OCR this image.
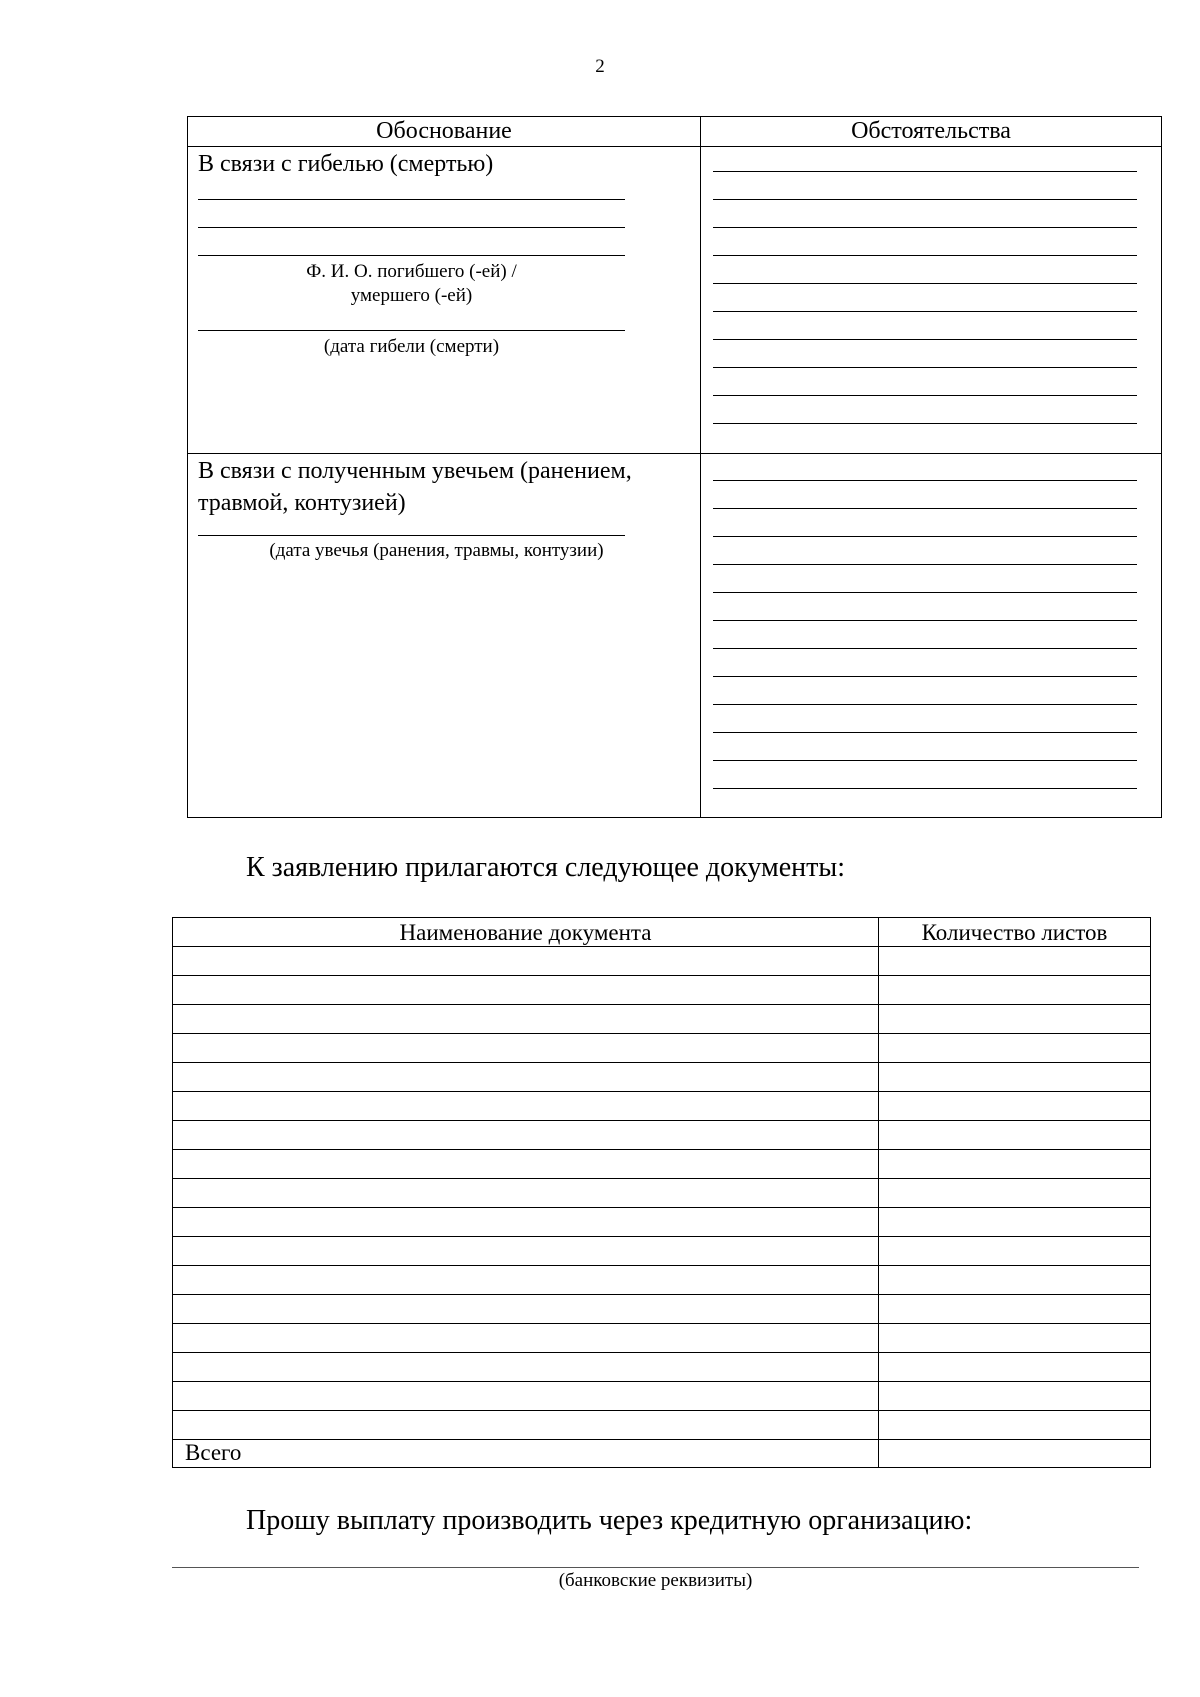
2
Обоснование	Обстоятельства
В связи с гибелью (смертью)
Ф. И. О. погибшего (-ей) /
умершего (-ей)
(дата гибели (смерти)
В связи с полученным увечьем (ранением,
травмой, контузией)
(дата увечья (ранения, травмы, контузии)
К заявлению прилагаются следующее документы:
Наименование документа	Количество листов
Всего
Прошу выплату производить через кредитную организацию:
(банковские реквизиты)
